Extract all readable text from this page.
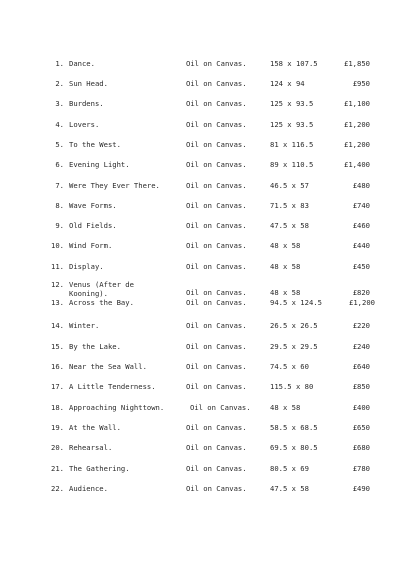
1. Dance.	Oil on Canvas.	158 x 107.5	£1,850
2. Sun Head.	Oil on Canvas.	124 x 94	£950
3. Burdens.	Oil on Canvas.	125 x 93.5	£1,100
4. Lovers.	Oil on Canvas.	125 x 93.5	£1,200
5. To the West.	Oil on Canvas.	81 x 116.5	£1,200
6. Evening Light.	Oil on Canvas.	89 x 110.5	£1,400
7. Were They Ever There.	Oil on Canvas.	46.5 x 57	£480
8. Wave Forms.	Oil on Canvas.	71.5 x 83	£740
9. Old Fields.	Oil on Canvas.	47.5 x 58	£460
10. Wind Form.	Oil on Canvas.	48 x 58	£440
11. Display.	Oil on Canvas.	48 x 58	£450
12. Venus (After de Kooning).	Oil on Canvas.	48 x 58	£820
13. Across the Bay.	Oil on Canvas.	94.5 x 124.5	£1,200
14. Winter.	Oil on Canvas.	26.5 x 26.5	£220
15. By the Lake.	Oil on Canvas.	29.5 x 29.5	£240
16. Near the Sea Wall.	Oil on Canvas.	74.5 x 60	£640
17. A Little Tenderness.	Oil on Canvas.	115.5 x 80	£850
18. Approaching Nighttown.	Oil on Canvas.	48 x 58	£400
19. At the Wall.	Oil on Canvas.	58.5 x 68.5	£650
20. Rehearsal.	Oil on Canvas.	69.5 x 80.5	£680
21. The Gathering.	Oil on Canvas.	80.5 x 69	£780
22. Audience.	Oil on Canvas.	47.5 x 58	£490
